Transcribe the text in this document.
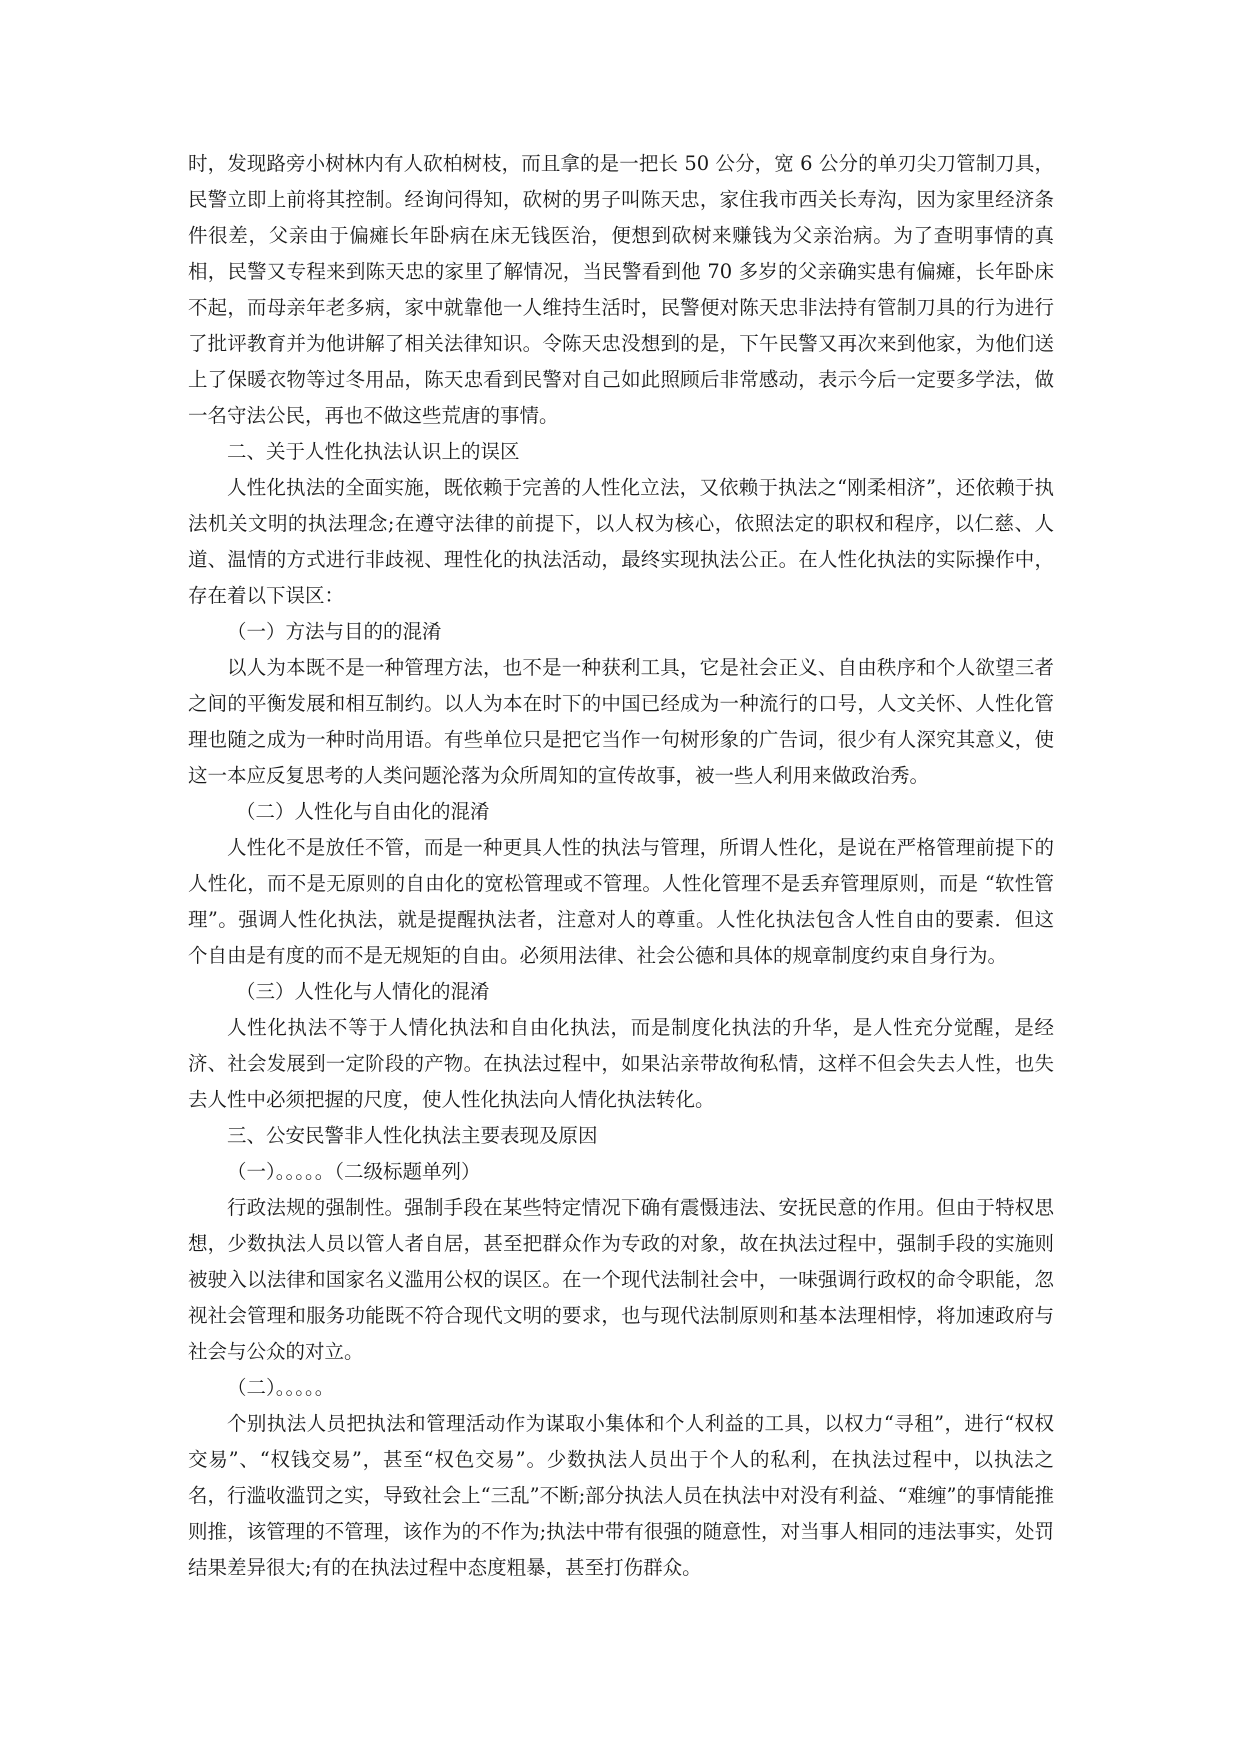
时，发现路旁小树林内有人砍柏树枝，而且拿的是一把长 50 公分，宽 6 公分的单刃尖刀管制刀具，民警立即上前将其控制。经询问得知，砍树的男子叫陈天忠，家住我市西关长寿沟，因为家里经济条件很差，父亲由于偏瘫长年卧病在床无钱医治，便想到砍树来赚钱为父亲治病。为了查明事情的真相，民警又专程来到陈天忠的家里了解情况，当民警看到他 70 多岁的父亲确实患有偏瘫，长年卧床不起，而母亲年老多病，家中就靠他一人维持生活时，民警便对陈天忠非法持有管制刀具的行为进行了批评教育并为他讲解了相关法律知识。令陈天忠没想到的是，下午民警又再次来到他家，为他们送上了保暖衣物等过冬用品，陈天忠看到民警对自己如此照顾后非常感动，表示今后一定要多学法，做一名守法公民，再也不做这些荒唐的事情。

二、关于人性化执法认识上的误区

人性化执法的全面实施，既依赖于完善的人性化立法，又依赖于执法之“刚柔相济”，还依赖于执法机关文明的执法理念;在遵守法律的前提下，以人权为核心，依照法定的职权和程序，以仁慈、人道、温情的方式进行非歧视、理性化的执法活动，最终实现执法公正。在人性化执法的实际操作中，存在着以下误区：

（一）方法与目的的混淆

以人为本既不是一种管理方法，也不是一种获利工具，它是社会正义、自由秩序和个人欲望三者之间的平衡发展和相互制约。以人为本在时下的中国已经成为一种流行的口号，人文关怀、人性化管理也随之成为一种时尚用语。有些单位只是把它当作一句树形象的广告词，很少有人深究其意义，使这一本应反复思考的人类问题沦落为众所周知的宣传故事，被一些人利用来做政治秀。

（二）人性化与自由化的混淆

人性化不是放任不管，而是一种更具人性的执法与管理，所谓人性化，是说在严格管理前提下的人性化，而不是无原则的自由化的宽松管理或不管理。人性化管理不是丢弃管理原则，而是 “软性管理”。强调人性化执法，就是提醒执法者，注意对人的尊重。人性化执法包含人性自由的要素．但这个自由是有度的而不是无规矩的自由。必须用法律、社会公德和具体的规章制度约束自身行为。

（三）人性化与人情化的混淆

人性化执法不等于人情化执法和自由化执法，而是制度化执法的升华，是人性充分觉醒，是经济、社会发展到一定阶段的产物。在执法过程中，如果沾亲带故徇私情，这样不但会失去人性，也失去人性中必须把握的尺度，使人性化执法向人情化执法转化。

三、公安民警非人性化执法主要表现及原因

（一）。。。。。（二级标题单列）

行政法规的强制性。强制手段在某些特定情况下确有震慑违法、安抚民意的作用。但由于特权思想，少数执法人员以管人者自居，甚至把群众作为专政的对象，故在执法过程中，强制手段的实施则被驶入以法律和国家名义滥用公权的误区。在一个现代法制社会中，一味强调行政权的命令职能，忽视社会管理和服务功能既不符合现代文明的要求，也与现代法制原则和基本法理相悖，将加速政府与社会与公众的对立。

（二）。。。。。

个别执法人员把执法和管理活动作为谋取小集体和个人利益的工具，以权力“寻租”，进行“权权交易”、“权钱交易”，甚至“权色交易”。少数执法人员出于个人的私利，在执法过程中，以执法之名，行滥收滥罚之实，导致社会上“三乱”不断;部分执法人员在执法中对没有利益、“难缠”的事情能推则推，该管理的不管理，该作为的不作为;执法中带有很强的随意性，对当事人相同的违法事实，处罚结果差异很大;有的在执法过程中态度粗暴，甚至打伤群众。
